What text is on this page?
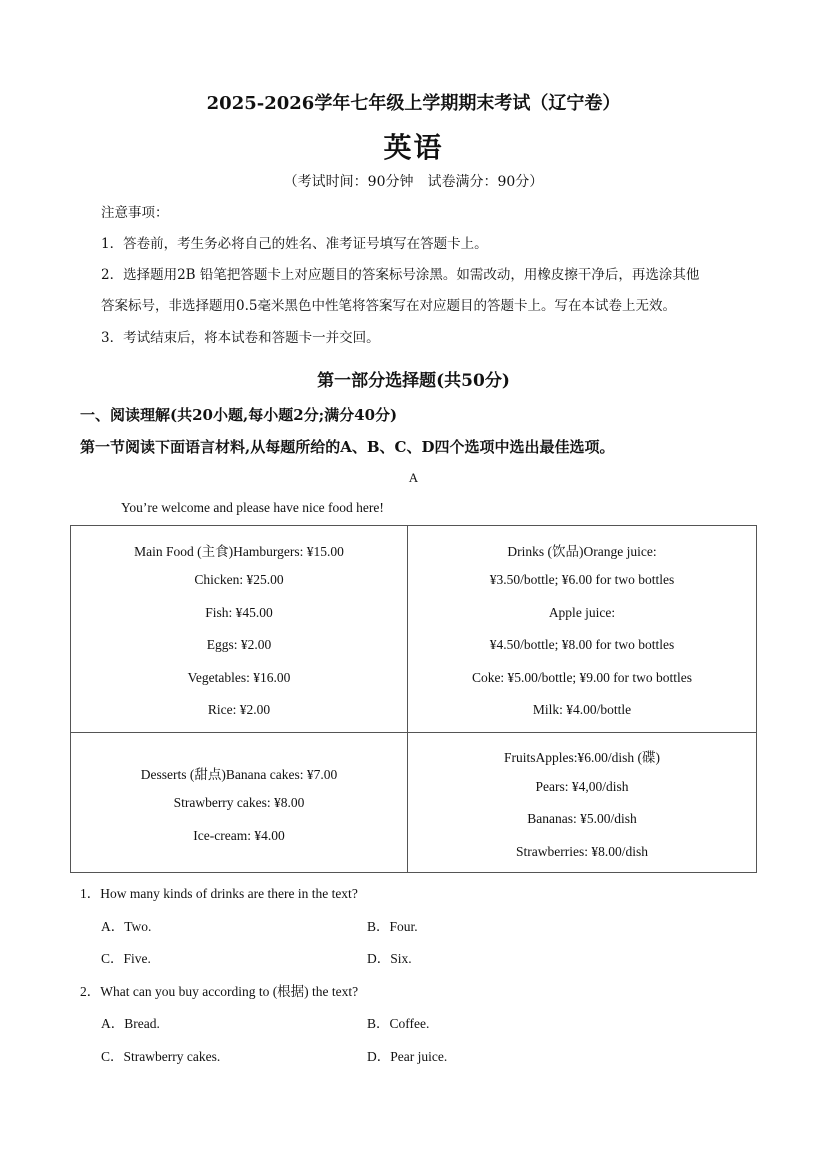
2025-2026学年七年级上学期期末考试（辽宁卷）
英语
（考试时间：90分钟　试卷满分：90分）
注意事项：
1．答卷前，考生务必将自己的姓名、准考证号填写在答题卡上。
2．选择题用2B 铅笔把答题卡上对应题目的答案标号涂黑。如需改动，用橡皮擦干净后，再选涂其他
答案标号，非选择题用0.5毫米黑色中性笔将答案写在对应题目的答题卡上。写在本试卷上无效。
3．考试结束后，将本试卷和答题卡一并交回。
第一部分选择题(共50分)
一、阅读理解(共20小题,每小题2分;满分40分)
第一节阅读下面语言材料,从每题所给的A、B、C、D四个选项中选出最佳选项。
A
You’re welcome and please have nice food here!
Main Food (主食)Hamburgers: ¥15.00
Chicken: ¥25.00
Fish: ¥45.00
Eggs: ¥2.00
Vegetables: ¥16.00
Rice: ¥2.00
Drinks (饮品)Orange juice:
¥3.50/bottle; ¥6.00 for two bottles
Apple juice:
¥4.50/bottle; ¥8.00 for two bottles
Coke: ¥5.00/bottle; ¥9.00 for two bottles
Milk: ¥4.00/bottle
Desserts (甜点)Banana cakes: ¥7.00
Strawberry cakes: ¥8.00
Ice-cream: ¥4.00
FruitsApples:¥6.00/dish (碟)
Pears: ¥4,00/dish
Bananas: ¥5.00/dish
Strawberries: ¥8.00/dish
1．How many kinds of drinks are there in the text?
A．Two.	B．Four.
C．Five.	D．Six.
2．What can you buy according to (根据) the text?
A．Bread.	B．Coffee.
C．Strawberry cakes.	D．Pear juice.
